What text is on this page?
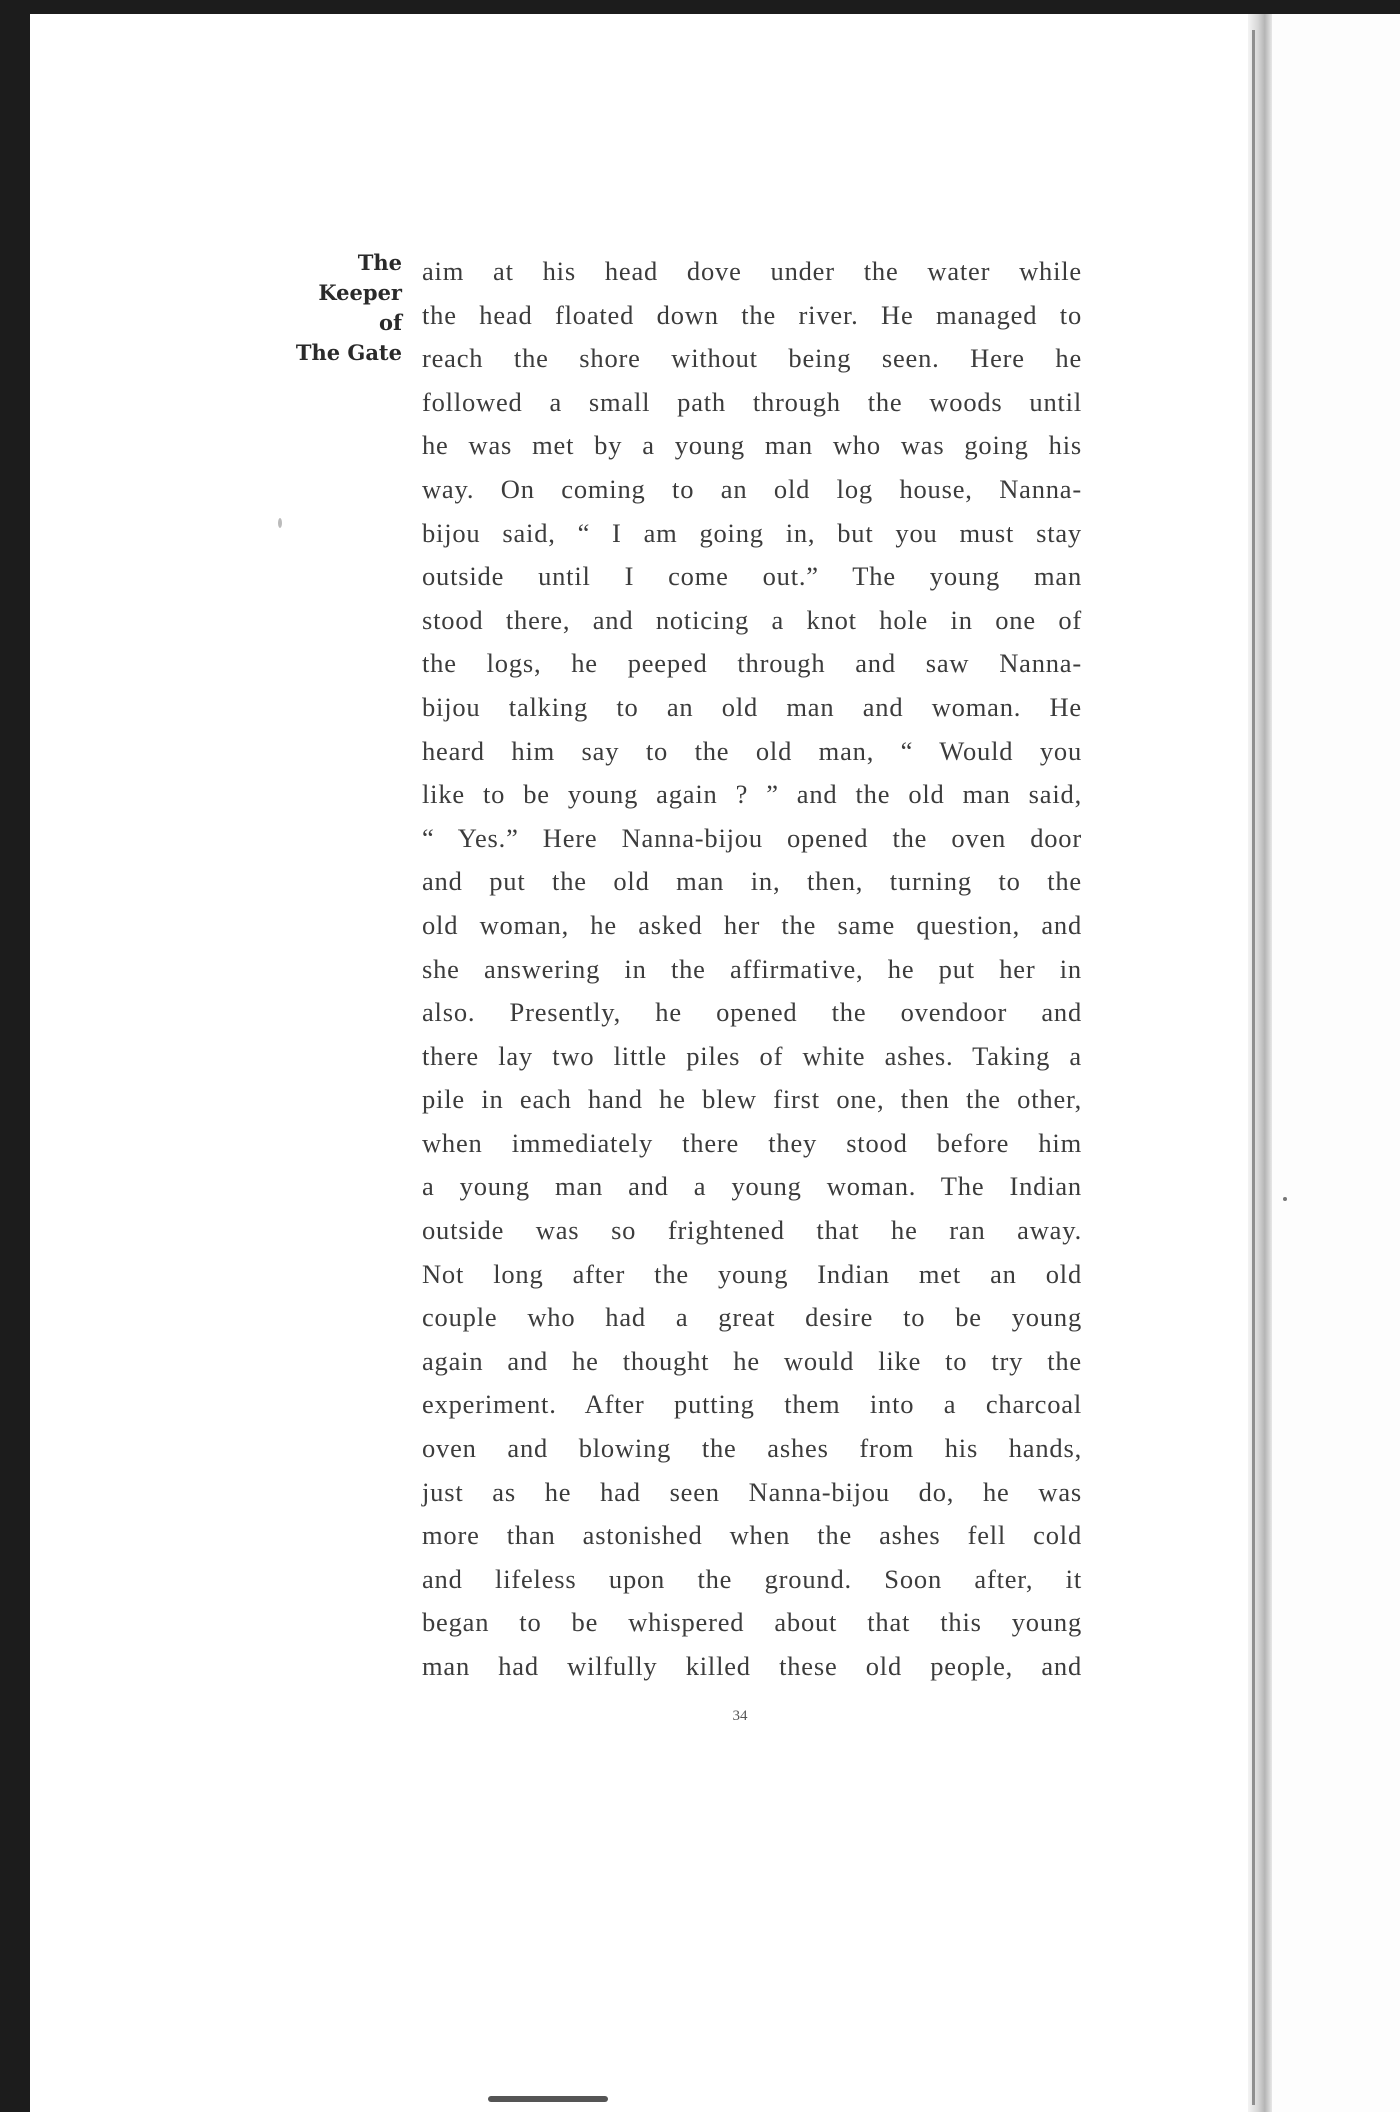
The
Keeper
of
The Gate
aim at his head dove under the water while
the head floated down the river. He managed to
reach the shore without being seen. Here he
followed a small path through the woods until
he was met by a young man who was going his
way. On coming to an old log house, Nanna-
bijou said, “ I am going in, but you must stay
outside until I come out.” The young man
stood there, and noticing a knot hole in one of
the logs, he peeped through and saw Nanna-
bijou talking to an old man and woman. He
heard him say to the old man, “ Would you
like to be young again ? ” and the old man said,
“ Yes.” Here Nanna-bijou opened the oven door
and put the old man in, then, turning to the
old woman, he asked her the same question, and
she answering in the affirmative, he put her in
also. Presently, he opened the ovendoor and
there lay two little piles of white ashes. Taking a
pile in each hand he blew first one, then the other,
when immediately there they stood before him
a young man and a young woman. The Indian
outside was so frightened that he ran away.
Not long after the young Indian met an old
couple who had a great desire to be young
again and he thought he would like to try the
experiment. After putting them into a charcoal
oven and blowing the ashes from his hands,
just as he had seen Nanna-bijou do, he was
more than astonished when the ashes fell cold
and lifeless upon the ground. Soon after, it
began to be whispered about that this young
man had wilfully killed these old people, and
34
